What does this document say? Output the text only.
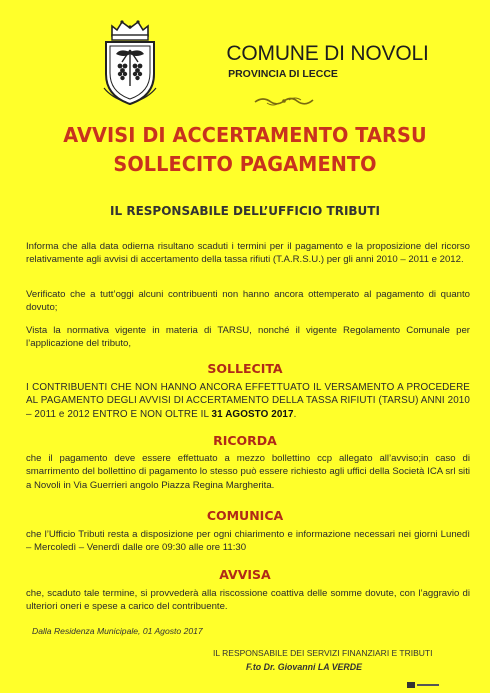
COMUNE DI NOVOLI
PROVINCIA DI LECCE
AVVISI DI ACCERTAMENTO TARSU
SOLLECITO PAGAMENTO
IL RESPONSABILE DELL’UFFICIO TRIBUTI
Informa che alla data odierna risultano scaduti i termini per il pagamento e la proposizione del ricorso relativamente agli avvisi di accertamento della tassa rifiuti (T.A.R.S.U.) per gli anni 2010 – 2011 e 2012.
Verificato che a tutt’oggi alcuni contribuenti non hanno ancora ottemperato al pagamento di quanto dovuto;
Vista la normativa vigente in materia di TARSU, nonché il vigente Regolamento Comunale per l’applicazione del tributo,
SOLLECITA
I CONTRIBUENTI CHE NON HANNO ANCORA EFFETTUATO IL VERSAMENTO A PROCEDERE AL PAGAMENTO DEGLI AVVISI DI ACCERTAMENTO DELLA TASSA RIFIUTI (TARSU) ANNI 2010 – 2011 e 2012 ENTRO E NON OLTRE IL 31 AGOSTO 2017.
RICORDA
che il pagamento deve essere effettuato a mezzo bollettino ccp allegato all’avviso;in caso di smarrimento del bollettino di pagamento lo stesso può essere richiesto agli uffici della Società ICA srl siti a Novoli in Via Guerrieri angolo Piazza Regina Margherita.
COMUNICA
che l’Ufficio Tributi resta a disposizione per ogni chiarimento e informazione necessari nei giorni Lunedì – Mercoledì – Venerdì dalle ore 09:30 alle ore 11:30
AVVISA
che, scaduto tale termine, si provvederà alla riscossione coattiva delle somme dovute, con l’aggravio di ulteriori oneri e spese a carico del contribuente.
Dalla Residenza Municipale, 01 Agosto 2017
IL RESPONSABILE DEI SERVIZI FINANZIARI E TRIBUTI
F.to Dr. Giovanni LA VERDE
